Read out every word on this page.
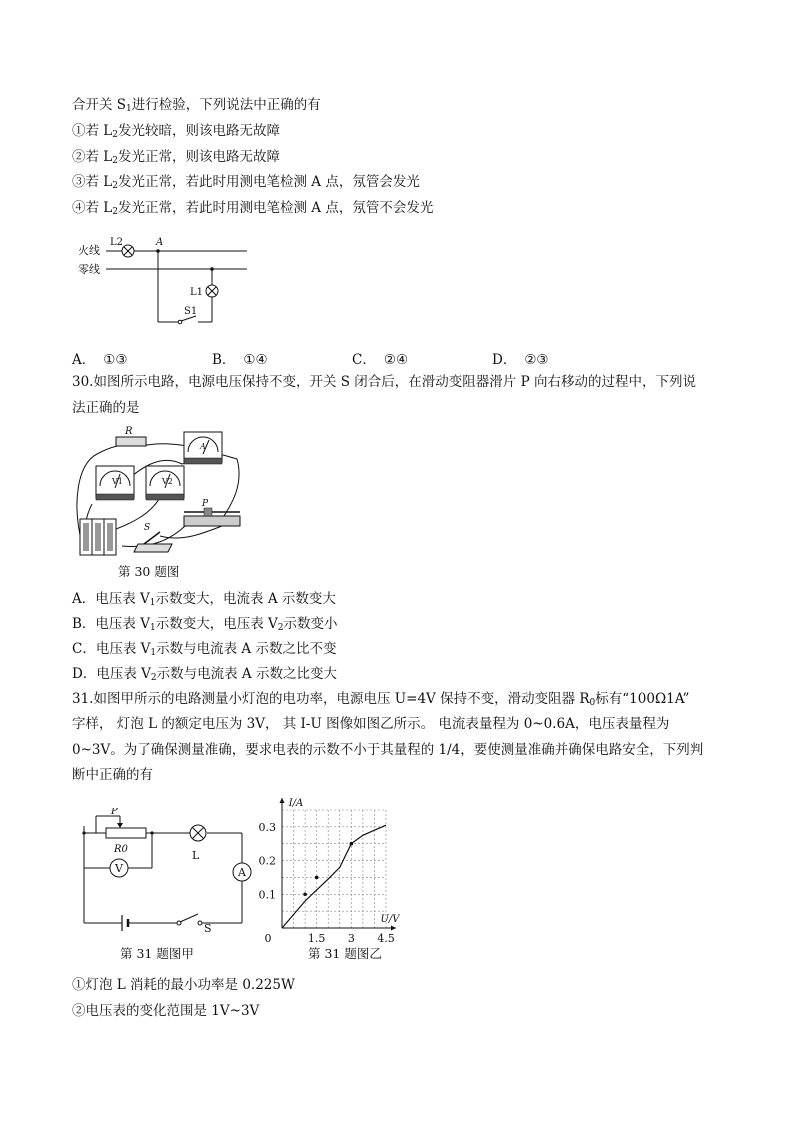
合开关 $S_1$进行检验，下列说法中正确的有
①若 $L_2$发光较暗，则该电路无故障
②若 $L_2$发光正常，则该电路无故障
③若 $L_2$发光正常，若此时用测电笔检测 A 点，氖管会发光
④若 $L_2$发光正常，若此时用测电笔检测 A 点，氖管不会发光
火线
零线
L2	A
S1
L1
A． ①③	B． ①④	C． ②④	D． ②③
30.如图所示电路，电源电压保持不变，开关 S 闭合后，在滑动变阻器滑片 P 向右移动的过程中，下列说
法正确的是
R
A
V1	V2
P
S
第 30 题图
A．电压表 $V_1$示数变大，电流表 A 示数变大
B．电压表 $V_1$示数变大，电压表 $V_2$示数变小
C．电压表 $V_1$示数与电流表 A 示数之比不变
D．电压表 $V_2$示数与电流表 A 示数之比变大
31.如图甲所示的电路测量小灯泡的电功率，电源电压 U=4V 保持不变，滑动变阻器 $R_0$标有“100Ω1A”
字样， 灯泡 L 的额定电压为 3V， 其 I-U 图像如图乙所示。 电流表量程为 0~0.6A，电压表量程为
0~3V。为了确保测量准确，要求电表的示数不小于其量程的 1/4，要使测量准确并确保电路安全，下列判
断中正确的有
S
A
L
R0
P
V
第 31 题图甲
1.5 3 4.5
0.1
0.2
0.3
0
U/V
I/A
第 31 题图乙
①灯泡 L 消耗的最小功率是 0.225W
②电压表的变化范围是 1V~3V
